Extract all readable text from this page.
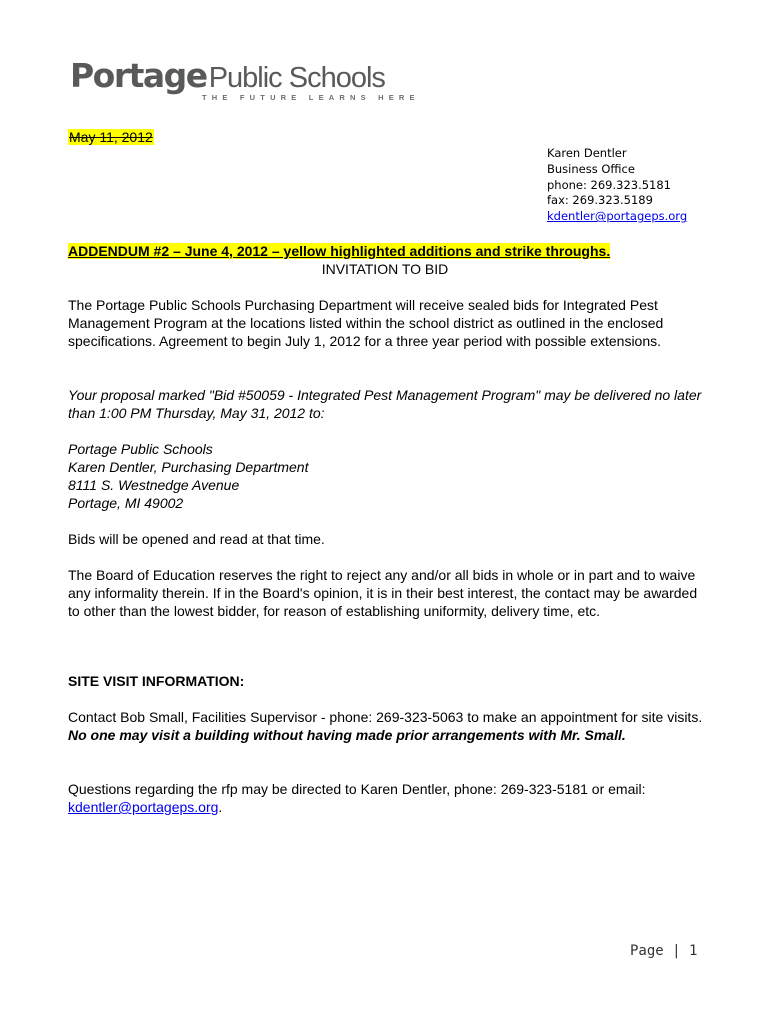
PortagePublic Schools
THE FUTURE LEARNS HERE
May 11, 2012
Karen Dentler
Business Office
phone: 269.323.5181
fax: 269.323.5189
kdentler@portageps.org
ADDENDUM #2 – June 4, 2012 – yellow highlighted additions and strike throughs.
INVITATION TO BID

The Portage Public Schools Purchasing Department will receive sealed bids for Integrated Pest Management Program at the locations listed within the school district as outlined in the enclosed specifications. Agreement to begin July 1, 2012 for a three year period with possible extensions.

Your proposal marked "Bid #50059 - Integrated Pest Management Program" may be delivered no later than 1:00 PM Thursday, May 31, 2012 to:

Portage Public Schools
Karen Dentler, Purchasing Department
8111 S. Westnedge Avenue
Portage, MI 49002

Bids will be opened and read at that time.

The Board of Education reserves the right to reject any and/or all bids in whole or in part and to waive any informality therein. If in the Board's opinion, it is in their best interest, the contact may be awarded to other than the lowest bidder, for reason of establishing uniformity, delivery time, etc.

SITE VISIT INFORMATION:

Contact Bob Small, Facilities Supervisor - phone: 269-323-5063 to make an appointment for site visits. No one may visit a building without having made prior arrangements with Mr. Small.

Questions regarding the rfp may be directed to Karen Dentler, phone: 269-323-5181 or email: kdentler@portageps.org.

Page | 1
